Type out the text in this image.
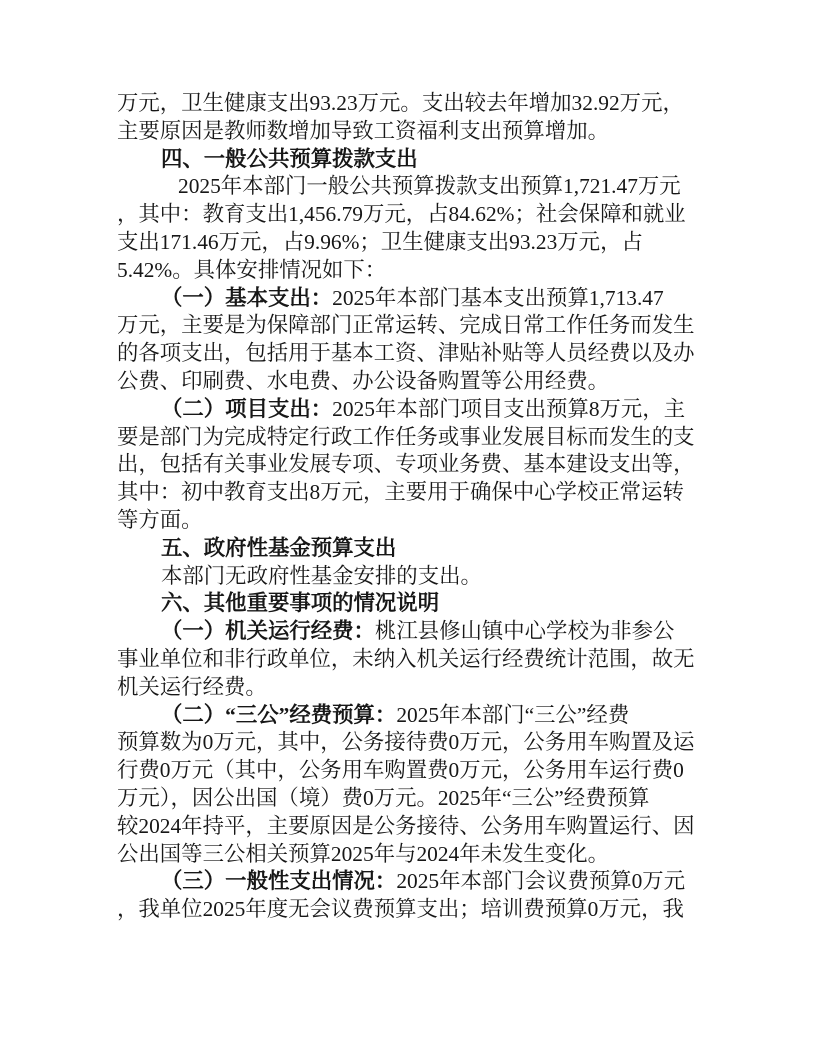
万元，卫生健康支出93.23万元。支出较去年增加32.92万元，
主要原因是教师数增加导致工资福利支出预算增加。
四、一般公共预算拨款支出
2025年本部门一般公共预算拨款支出预算1,721.47万元
，其中：教育支出1,456.79万元，占84.62%；社会保障和就业
支出171.46万元，占9.96%；卫生健康支出93.23万元，占
5.42%。具体安排情况如下：
（一）基本支出：2025年本部门基本支出预算1,713.47
万元，主要是为保障部门正常运转、完成日常工作任务而发生
的各项支出，包括用于基本工资、津贴补贴等人员经费以及办
公费、印刷费、水电费、办公设备购置等公用经费。
（二）项目支出：2025年本部门项目支出预算8万元，主
要是部门为完成特定行政工作任务或事业发展目标而发生的支
出，包括有关事业发展专项、专项业务费、基本建设支出等，
其中：初中教育支出8万元，主要用于确保中心学校正常运转
等方面。
五、政府性基金预算支出
本部门无政府性基金安排的支出。
六、其他重要事项的情况说明
（一）机关运行经费：桃江县修山镇中心学校为非参公
事业单位和非行政单位，未纳入机关运行经费统计范围，故无
机关运行经费。
（二）“三公”经费预算：2025年本部门“三公”经费
预算数为0万元，其中，公务接待费0万元，公务用车购置及运
行费0万元（其中，公务用车购置费0万元，公务用车运行费0
万元），因公出国（境）费0万元。2025年“三公”经费预算
较2024年持平，主要原因是公务接待、公务用车购置运行、因
公出国等三公相关预算2025年与2024年未发生变化。
（三）一般性支出情况：2025年本部门会议费预算0万元
，我单位2025年度无会议费预算支出；培训费预算0万元，我
